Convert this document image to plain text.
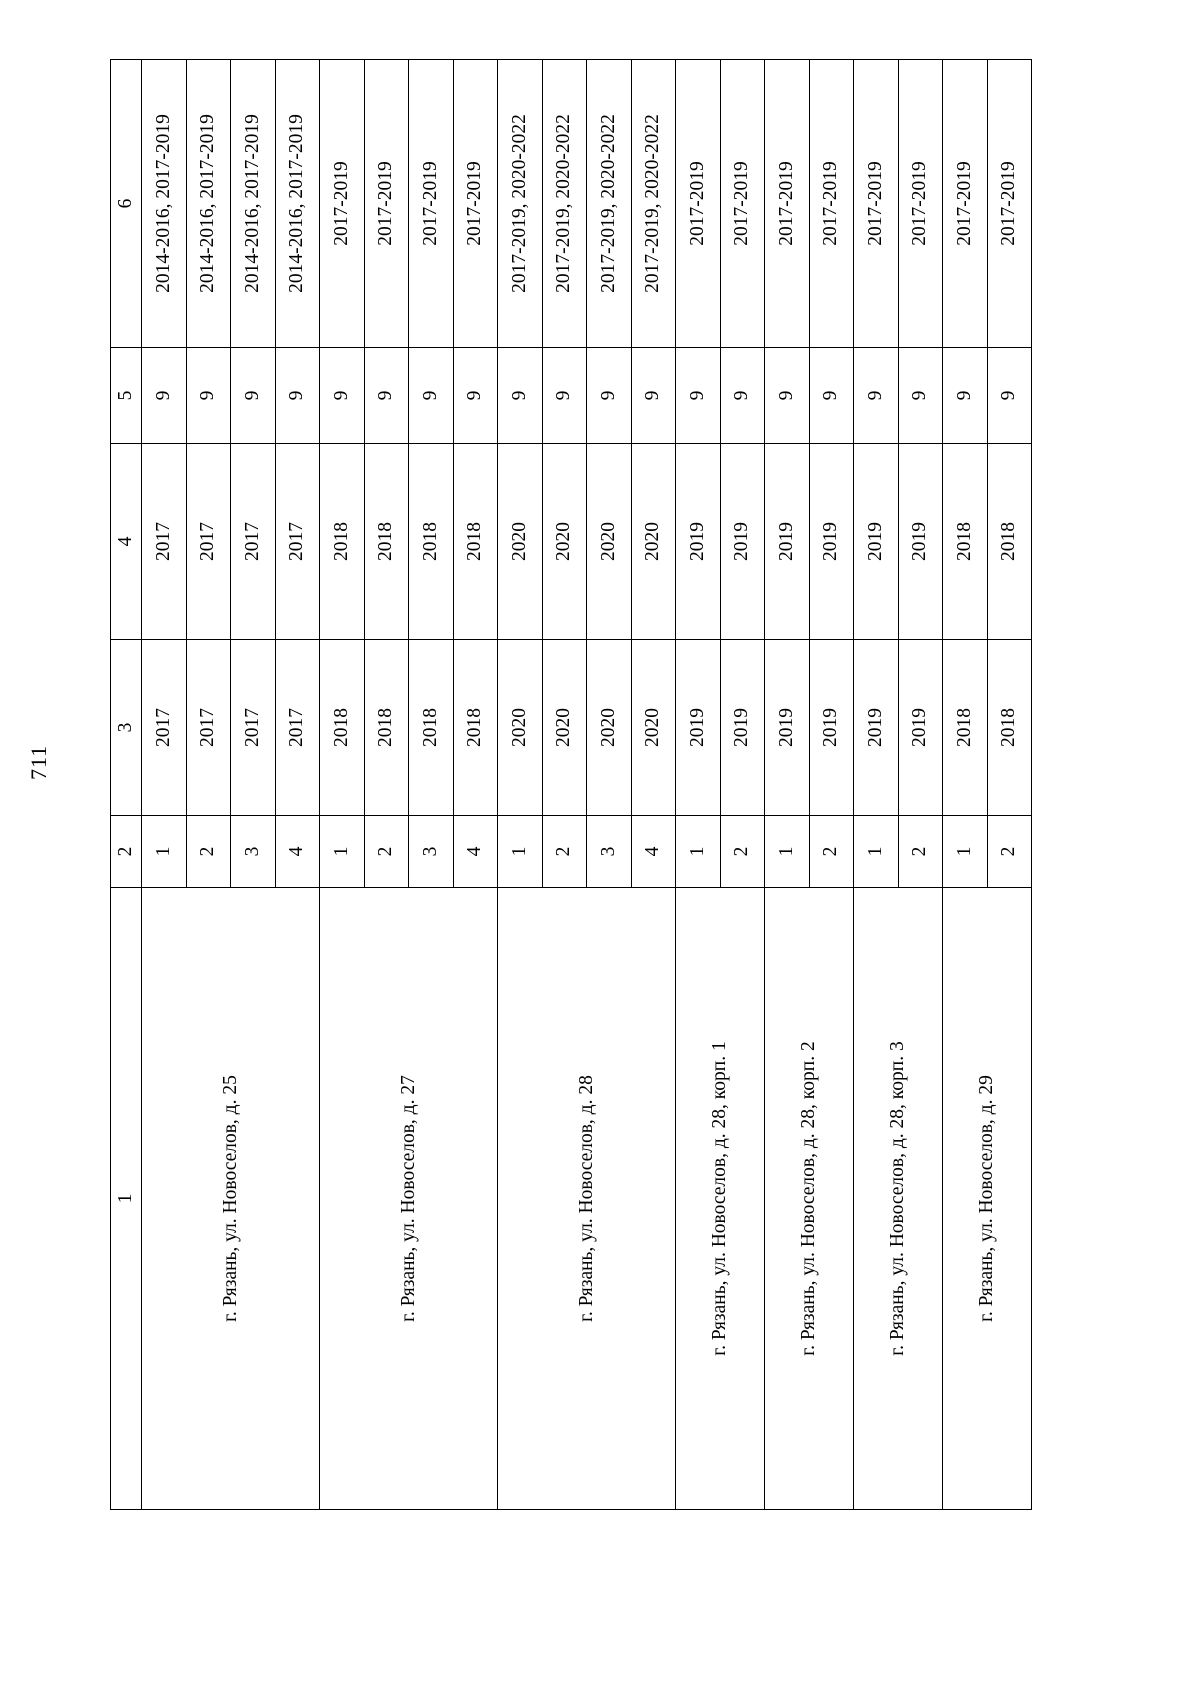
711
1	2	3	4	5	6
г. Рязань, ул. Новоселов, д. 25	1	2017	2017	9	2014-2016, 2017-2019
	2	2017	2017	9	2014-2016, 2017-2019
	3	2017	2017	9	2014-2016, 2017-2019
	4	2017	2017	9	2014-2016, 2017-2019
г. Рязань, ул. Новоселов, д. 27	1	2018	2018	9	2017-2019
	2	2018	2018	9	2017-2019
	3	2018	2018	9	2017-2019
	4	2018	2018	9	2017-2019
г. Рязань, ул. Новоселов, д. 28	1	2020	2020	9	2017-2019, 2020-2022
	2	2020	2020	9	2017-2019, 2020-2022
	3	2020	2020	9	2017-2019, 2020-2022
	4	2020	2020	9	2017-2019, 2020-2022
г. Рязань, ул. Новоселов, д. 28, корп. 1	1	2019	2019	9	2017-2019
	2	2019	2019	9	2017-2019
г. Рязань, ул. Новоселов, д. 28, корп. 2	1	2019	2019	9	2017-2019
	2	2019	2019	9	2017-2019
г. Рязань, ул. Новоселов, д. 28, корп. 3	1	2019	2019	9	2017-2019
	2	2019	2019	9	2017-2019
г. Рязань, ул. Новоселов, д. 29	1	2018	2018	9	2017-2019
	2	2018	2018	9	2017-2019
